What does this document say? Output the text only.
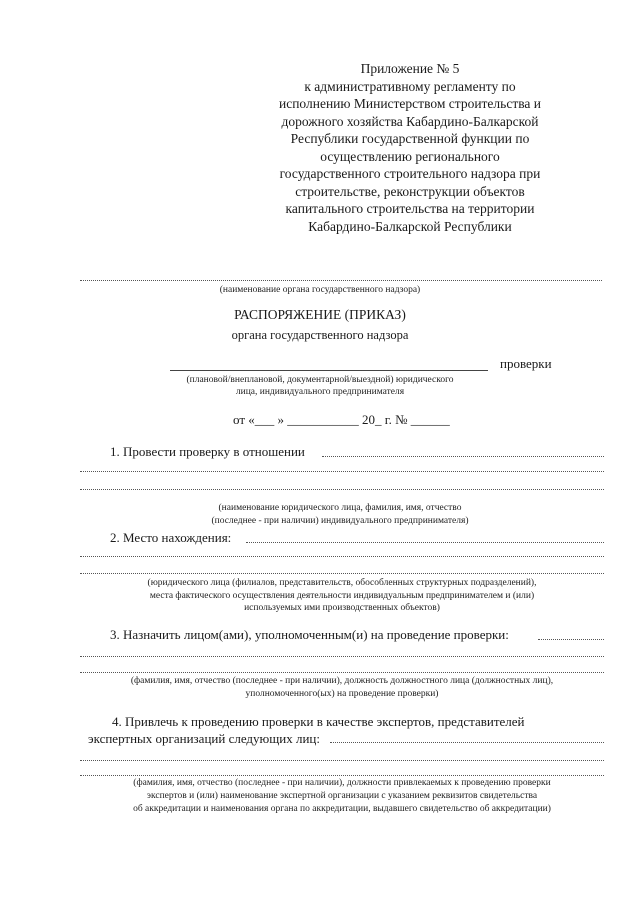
Приложение № 5
к административному регламенту по
исполнению Министерством строительства и
дорожного хозяйства Кабардино-Балкарской
Республики государственной функции по
осуществлению регионального
государственного строительного надзора при
строительстве, реконструкции объектов
капитального строительства на территории
Кабардино-Балкарской Республики
(наименование органа государственного надзора)
РАСПОРЯЖЕНИЕ (ПРИКАЗ)
органа государственного надзора
проверки
(плановой/внеплановой, документарной/выездной) юридического
лица, индивидуального предпринимателя
от «___ » ___________ 20_ г. № ______
1. Провести проверку в отношении
(наименование юридического лица, фамилия, имя, отчество
(последнее - при наличии) индивидуального предпринимателя)
2. Место нахождения:
(юридического лица (филиалов, представительств, обособленных структурных подразделений),
места фактического осуществления деятельности индивидуальным предпринимателем и (или)
используемых ими производственных объектов)
3. Назначить лицом(ами), уполномоченным(и) на проведение проверки:
(фамилия, имя, отчество (последнее - при наличии), должность должностного лица (должностных лиц),
уполномоченного(ых) на проведение проверки)
4. Привлечь к проведению проверки в качестве экспертов, представителей
экспертных организаций следующих лиц:
(фамилия, имя, отчество (последнее - при наличии), должности привлекаемых к проведению проверки
экспертов и (или) наименование экспертной организации с указанием реквизитов свидетельства
об аккредитации и наименования органа по аккредитации, выдавшего свидетельство об аккредитации)
